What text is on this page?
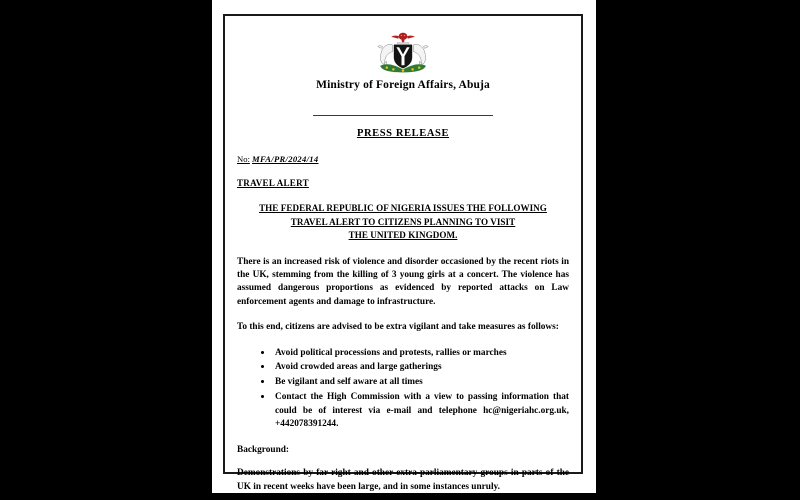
Ministry of Foreign Affairs, Abuja
PRESS RELEASE
No: MFA/PR/2024/14
TRAVEL ALERT
THE FEDERAL REPUBLIC OF NIGERIA ISSUES THE FOLLOWING
TRAVEL ALERT TO CITIZENS PLANNING TO VISIT
THE UNITED KINGDOM.
There is an increased risk of violence and disorder occasioned by the recent riots in the UK, stemming from the killing of 3 young girls at a concert. The violence has assumed dangerous proportions as evidenced by reported attacks on Law enforcement agents and damage to infrastructure.
To this end, citizens are advised to be extra vigilant and take measures as follows:
• Avoid political processions and protests, rallies or marches
• Avoid crowded areas and large gatherings
• Be vigilant and self aware at all times
• Contact the High Commission with a view to passing information that could be of interest via e-mail and telephone hc@nigeriahc.org.uk, +442078391244.
Background:
Demonstrations by far right and other extra-parliamentary groups in parts of the UK in recent weeks have been large, and in some instances unruly.
